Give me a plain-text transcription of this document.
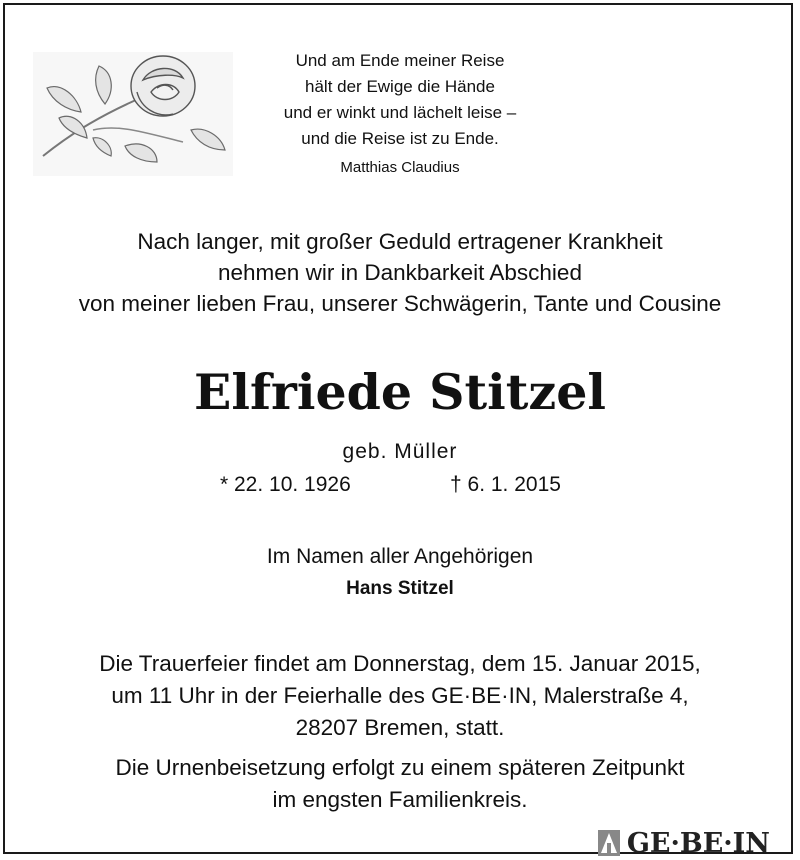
Und am Ende meiner Reise
hält der Ewige die Hände
und er winkt und lächelt leise –
und die Reise ist zu Ende.
Matthias Claudius
Nach langer, mit großer Geduld ertragener Krankheit
nehmen wir in Dankbarkeit Abschied
von meiner lieben Frau, unserer Schwägerin, Tante und Cousine
Elfriede Stitzel
geb. Müller
* 22. 10. 1926	† 6. 1. 2015
Im Namen aller Angehörigen
Hans Stitzel
Die Trauerfeier findet am Donnerstag, dem 15. Januar 2015,
um 11 Uhr in der Feierhalle des GE·BE·IN, Malerstraße 4,
28207 Bremen, statt.
Die Urnenbeisetzung erfolgt zu einem späteren Zeitpunkt
im engsten Familienkreis.
GE·BE·IN
